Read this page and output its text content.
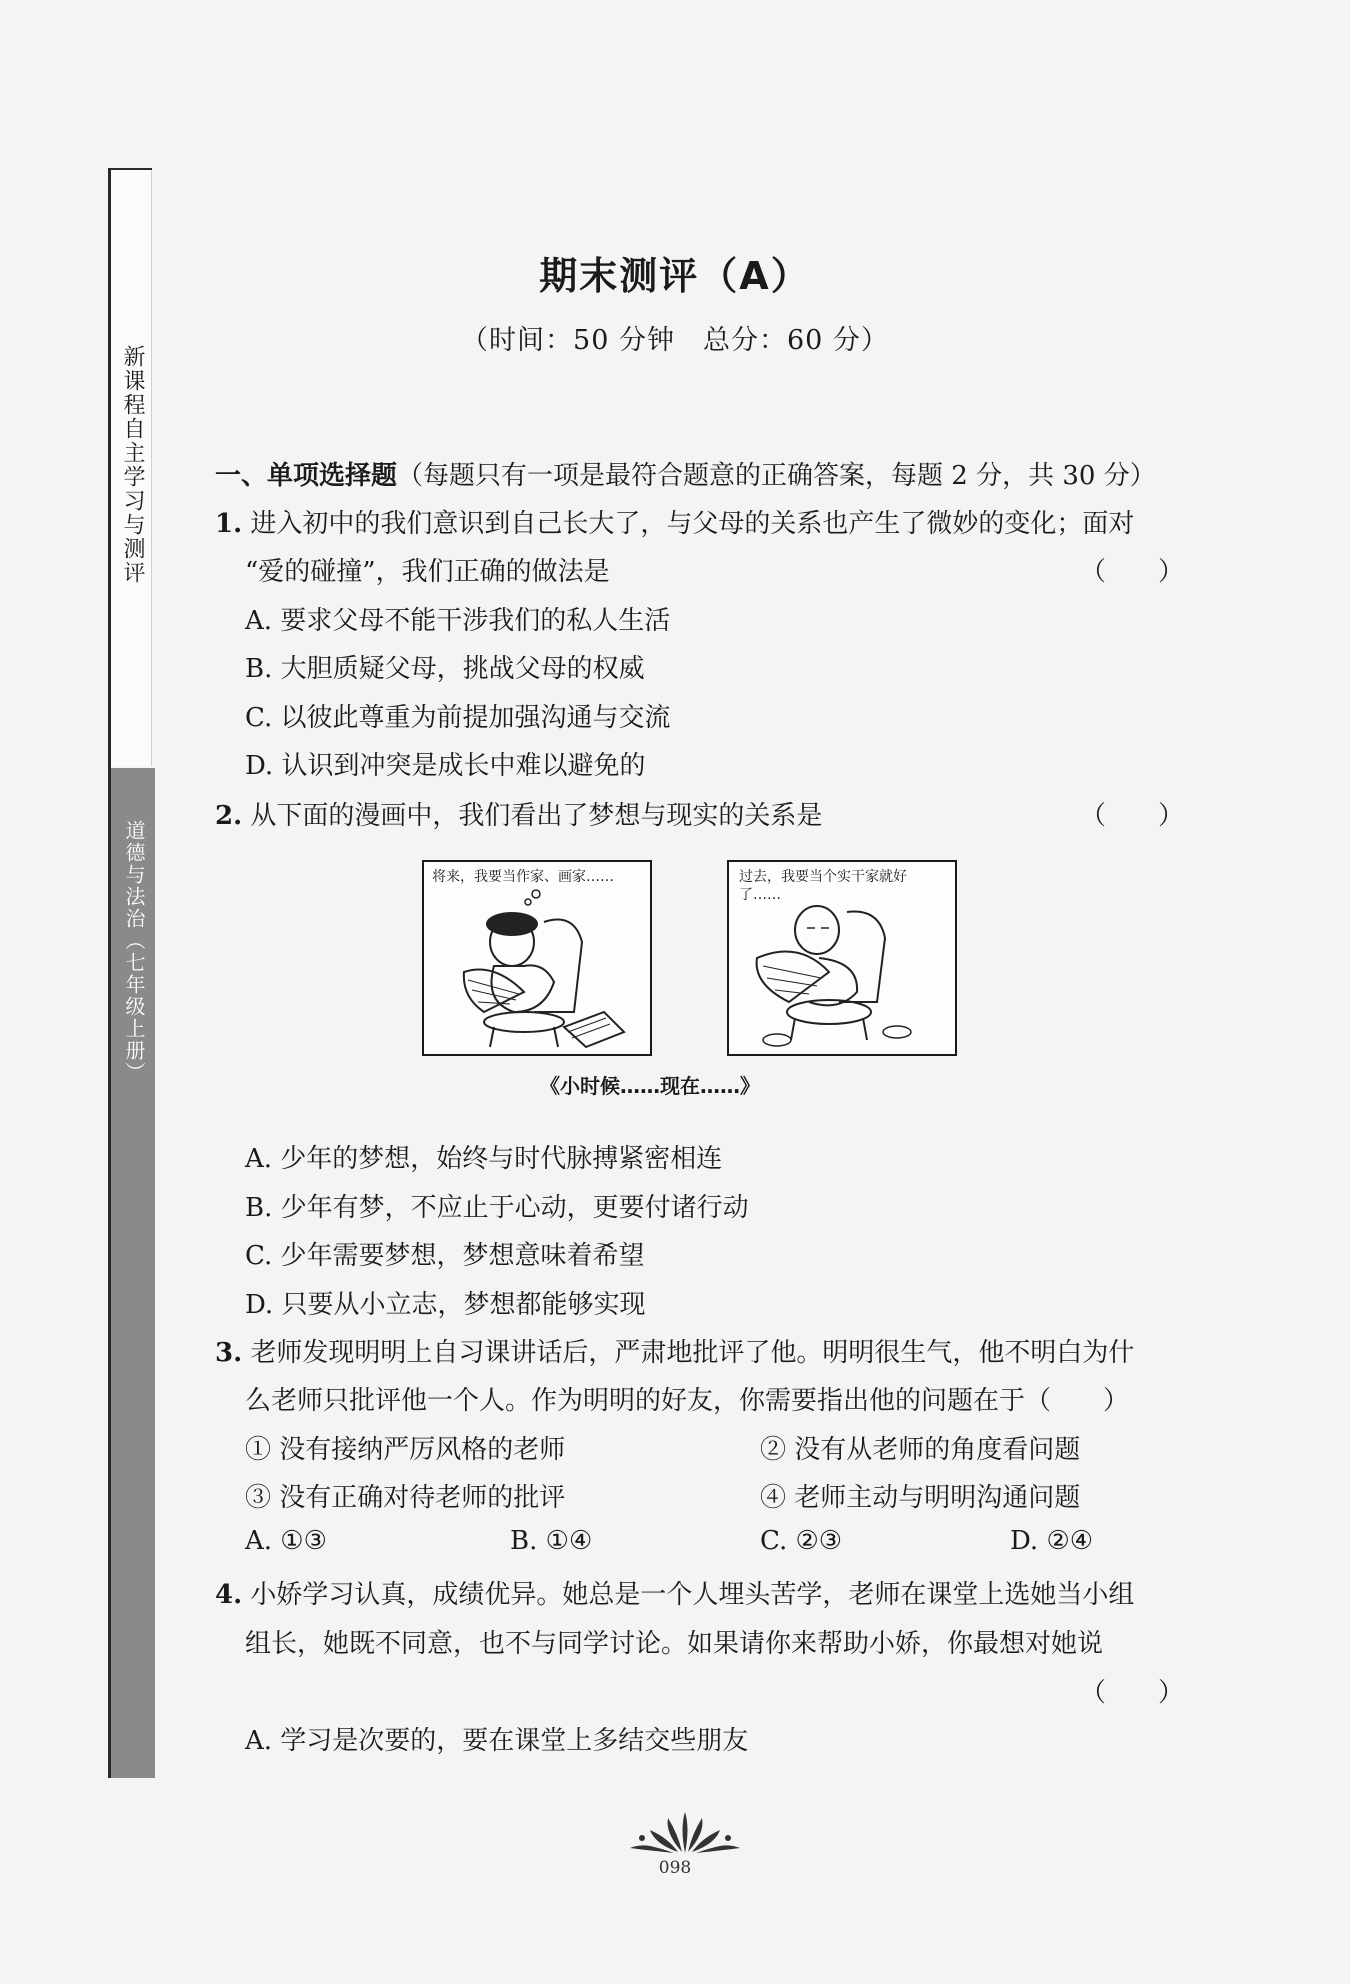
新课程自主学习与测评
道德与法治（七年级上册）
期末测评（A）
（时间：50 分钟　总分：60 分）
一、单项选择题（每题只有一项是最符合题意的正确答案，每题 2 分，共 30 分）
1. 进入初中的我们意识到自己长大了，与父母的关系也产生了微妙的变化；面对
“爱的碰撞”，我们正确的做法是	（　　）
A. 要求父母不能干涉我们的私人生活
B. 大胆质疑父母，挑战父母的权威
C. 以彼此尊重为前提加强沟通与交流
D. 认识到冲突是成长中难以避免的
2. 从下面的漫画中，我们看出了梦想与现实的关系是	（　　）
将来，我要当作家、画家……	过去，我要当个实干家就好
了……
《小时候……现在……》
A. 少年的梦想，始终与时代脉搏紧密相连
B. 少年有梦，不应止于心动，更要付诸行动
C. 少年需要梦想，梦想意味着希望
D. 只要从小立志，梦想都能够实现
3. 老师发现明明上自习课讲话后，严肃地批评了他。明明很生气，他不明白为什
么老师只批评他一个人。作为明明的好友，你需要指出他的问题在于（　　）
① 没有接纳严厉风格的老师	② 没有从老师的角度看问题
③ 没有正确对待老师的批评	④ 老师主动与明明沟通问题
A. ①③	B. ①④	C. ②③	D. ②④
4. 小娇学习认真，成绩优异。她总是一个人埋头苦学，老师在课堂上选她当小组
组长，她既不同意，也不与同学讨论。如果请你来帮助小娇，你最想对她说
（　　）
A. 学习是次要的，要在课堂上多结交些朋友
098
